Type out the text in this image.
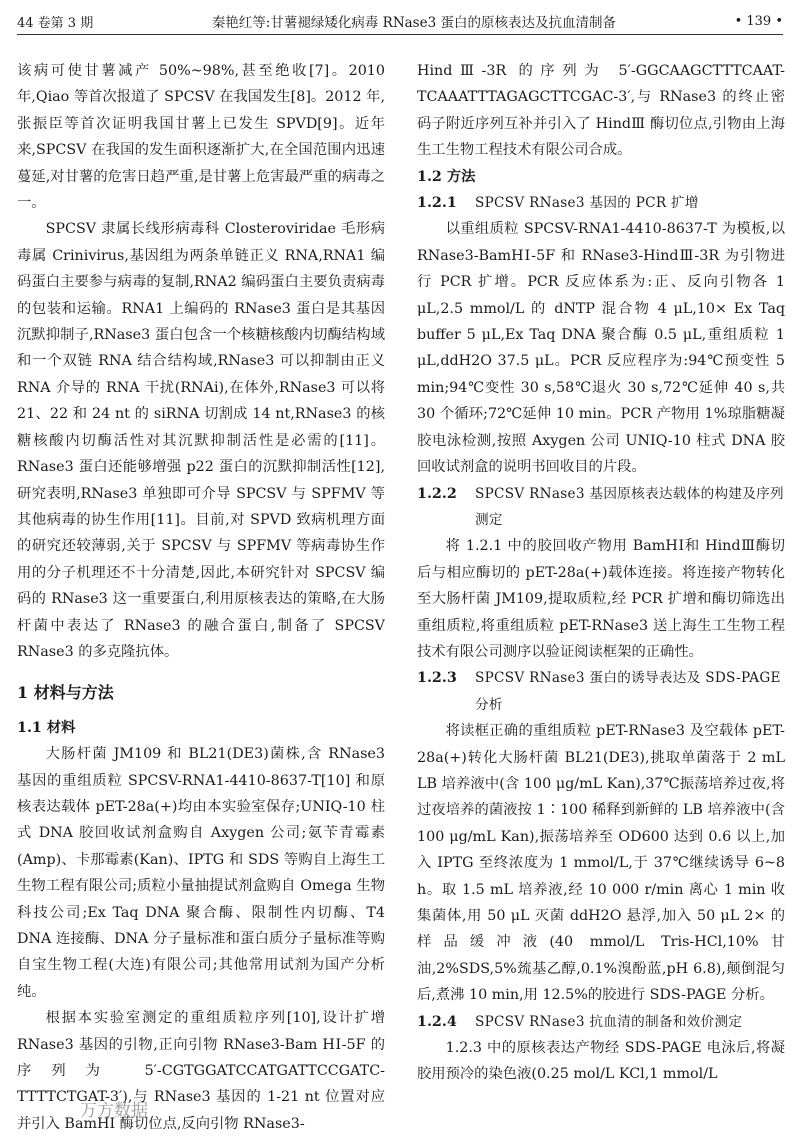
44 卷第 3 期	秦艳红等:甘薯褪绿矮化病毒 RNase3 蛋白的原核表达及抗血清制备	• 139 •

该病可使甘薯减产 50%~98%,甚至绝收[7]。2010年,Qiao 等首次报道了 SPCSV 在我国发生[8]。2012 年,张振臣等首次证明我国甘薯上已发生 SPVD[9]。近年来,SPCSV 在我国的发生面积逐渐扩大,在全国范围内迅速蔓延,对甘薯的危害日趋严重,是甘薯上危害最严重的病毒之一。

SPCSV 隶属长线形病毒科 Closteroviridae 毛形病毒属 Crinivirus,基因组为两条单链正义 RNA,RNA1 编码蛋白主要参与病毒的复制,RNA2 编码蛋白主要负责病毒的包装和运输。RNA1 上编码的 RNase3 蛋白是其基因沉默抑制子,RNase3 蛋白包含一个核糖核酸内切酶结构域和一个双链 RNA 结合结构域,RNase3 可以抑制由正义 RNA 介导的 RNA 干扰(RNAi),在体外,RNase3 可以将 21、22 和 24 nt 的 siRNA 切割成 14 nt,RNase3 的核糖核酸内切酶活性对其沉默抑制活性是必需的[11]。RNase3 蛋白还能够增强 p22 蛋白的沉默抑制活性[12],研究表明,RNase3 单独即可介导 SPCSV 与 SPFMV 等其他病毒的协生作用[11]。目前,对 SPVD 致病机理方面的研究还较薄弱,关于 SPCSV 与 SPFMV 等病毒协生作用的分子机理还不十分清楚,因此,本研究针对 SPCSV 编码的 RNase3 这一重要蛋白,利用原核表达的策略,在大肠杆菌中表达了 RNase3 的融合蛋白,制备了 SPCSV RNase3 的多克隆抗体。

1 材料与方法
1.1 材料

大肠杆菌 JM109 和 BL21(DE3)菌株,含 RNase3 基因的重组质粒 SPCSV-RNA1-4410-8637-T[10] 和原核表达载体 pET-28a(+)均由本实验室保存;UNIQ-10 柱式 DNA 胶回收试剂盒购自 Axygen 公司;氨苄青霉素(Amp)、卡那霉素(Kan)、IPTG 和 SDS 等购自上海生工生物工程有限公司;质粒小量抽提试剂盒购自 Omega 生物科技公司;Ex Taq DNA 聚合酶、限制性内切酶、T4 DNA 连接酶、DNA 分子量标准和蛋白质分子量标准等购自宝生物工程(大连)有限公司;其他常用试剂为国产分析纯。

根据本实验室测定的重组质粒序列[10],设计扩增 RNase3 基因的引物,正向引物 RNase3-Bam HⅠ-5F 的序列为 5′-CGTGGATCCATGATTCCGATC-TTTTCTGAT-3′),与 RNase3 基因的 1-21 nt 位置对应并引入 BamHI 酶切位点,反向引物 RNase3-

HindⅢ-3R 的序列为 5′-GGCAAGCTTTCAAT-TCAAATTTAGAGCTTCGAC-3′,与 RNase3 的终止密码子附近序列互补并引入了 HindⅢ 酶切位点,引物由上海生工生物工程技术有限公司合成。

1.2 方法
1.2.1	SPCSV RNase3 基因的 PCR 扩增

以重组质粒 SPCSV-RNA1-4410-8637-T 为模板,以 RNase3-BamHⅠ-5F 和 RNase3-HindⅢ-3R 为引物进行 PCR 扩增。PCR 反应体系为:正、反向引物各 1 μL,2.5 mmol/L 的 dNTP 混合物 4 μL,10× Ex Taq buffer 5 μL,Ex Taq DNA 聚合酶 0.5 μL,重组质粒 1 μL,ddH2O 37.5 μL。PCR 反应程序为:94℃预变性 5 min;94℃变性 30 s,58℃退火 30 s,72℃延伸 40 s,共 30 个循环;72℃延伸 10 min。PCR 产物用 1%琼脂糖凝胶电泳检测,按照 Axygen 公司 UNIQ-10 柱式 DNA 胶回收试剂盒的说明书回收目的片段。

1.2.2	SPCSV RNase3 基因原核表达载体的构建及序列测定

将 1.2.1 中的胶回收产物用 BamHⅠ和 HindⅢ酶切后与相应酶切的 pET-28a(+)载体连接。将连接产物转化至大肠杆菌 JM109,提取质粒,经 PCR 扩增和酶切筛选出重组质粒,将重组质粒 pET-RNase3 送上海生工生物工程技术有限公司测序以验证阅读框架的正确性。

1.2.3	SPCSV RNase3 蛋白的诱导表达及 SDS-PAGE 分析

将读框正确的重组质粒 pET-RNase3 及空载体 pET-28a(+)转化大肠杆菌 BL21(DE3),挑取单菌落于 2 mL LB 培养液中(含 100 μg/mL Kan),37℃振荡培养过夜,将过夜培养的菌液按 1∶100 稀释到新鲜的 LB 培养液中(含 100 μg/mL Kan),振荡培养至 OD600 达到 0.6 以上,加入 IPTG 至终浓度为 1 mmol/L,于 37℃继续诱导 6~8 h。取 1.5 mL 培养液,经 10 000 r/min 离心 1 min 收集菌体,用 50 μL 灭菌 ddH2O 悬浮,加入 50 μL 2× 的样品缓冲液(40 mmol/L Tris-HCl,10%甘油,2%SDS,5%巯基乙醇,0.1%溴酚蓝,pH 6.8),颠倒混匀后,煮沸 10 min,用 12.5%的胶进行 SDS-PAGE 分析。

1.2.4	SPCSV RNase3 抗血清的制备和效价测定

1.2.3 中的原核表达产物经 SDS-PAGE 电泳后,将凝胶用预冷的染色液(0.25 mol/L KCl,1 mmol/L

万方数据
